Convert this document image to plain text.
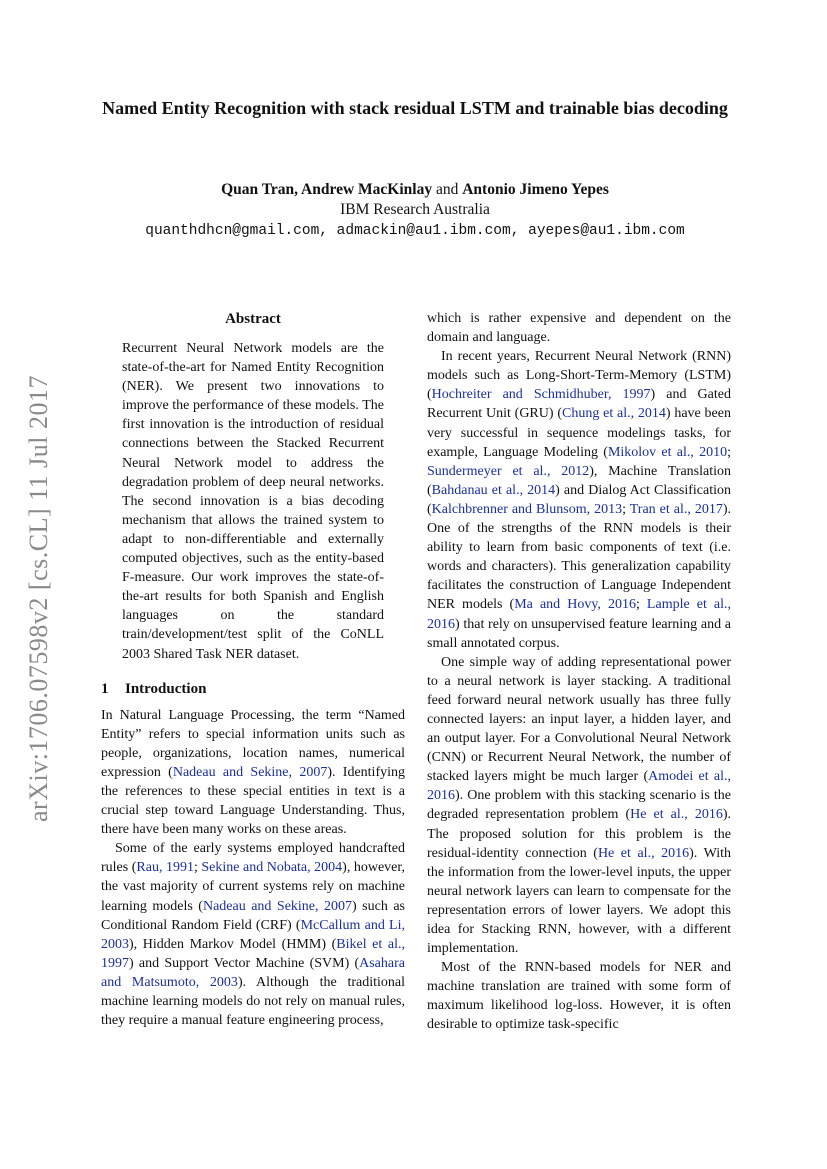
arXiv:1706.07598v2 [cs.CL] 11 Jul 2017
Named Entity Recognition with stack residual LSTM and trainable bias decoding
Quan Tran, Andrew MacKinlay and Antonio Jimeno Yepes
IBM Research Australia
quanthdhcn@gmail.com, admackin@au1.ibm.com, ayepes@au1.ibm.com
Abstract

Recurrent Neural Network models are the state-of-the-art for Named Entity Recognition (NER). We present two innovations to improve the performance of these models. The first innovation is the introduction of residual connections between the Stacked Recurrent Neural Network model to address the degradation problem of deep neural networks. The second innovation is a bias decoding mechanism that allows the trained system to adapt to non-differentiable and externally computed objectives, such as the entity-based F-measure. Our work improves the state-of-the-art results for both Spanish and English languages on the standard train/development/test split of the CoNLL 2003 Shared Task NER dataset.

1 Introduction

In Natural Language Processing, the term “Named Entity” refers to special information units such as people, organizations, location names, numerical expression (Nadeau and Sekine, 2007). Identifying the references to these special entities in text is a crucial step toward Language Understanding. Thus, there have been many works on these areas.

Some of the early systems employed handcrafted rules (Rau, 1991; Sekine and Nobata, 2004), however, the vast majority of current systems rely on machine learning models (Nadeau and Sekine, 2007) such as Conditional Random Field (CRF) (McCallum and Li, 2003), Hidden Markov Model (HMM) (Bikel et al., 1997) and Support Vector Machine (SVM) (Asahara and Matsumoto, 2003). Although the traditional machine learning models do not rely on manual rules, they require a manual feature engineering process,

which is rather expensive and dependent on the domain and language.

In recent years, Recurrent Neural Network (RNN) models such as Long-Short-Term-Memory (LSTM) (Hochreiter and Schmidhuber, 1997) and Gated Recurrent Unit (GRU) (Chung et al., 2014) have been very successful in sequence modelings tasks, for example, Language Modeling (Mikolov et al., 2010; Sundermeyer et al., 2012), Machine Translation (Bahdanau et al., 2014) and Dialog Act Classification (Kalchbrenner and Blunsom, 2013; Tran et al., 2017). One of the strengths of the RNN models is their ability to learn from basic components of text (i.e. words and characters). This generalization capability facilitates the construction of Language Independent NER models (Ma and Hovy, 2016; Lample et al., 2016) that rely on unsupervised feature learning and a small annotated corpus.

One simple way of adding representational power to a neural network is layer stacking. A traditional feed forward neural network usually has three fully connected layers: an input layer, a hidden layer, and an output layer. For a Convolutional Neural Network (CNN) or Recurrent Neural Network, the number of stacked layers might be much larger (Amodei et al., 2016). One problem with this stacking scenario is the degraded representation problem (He et al., 2016). The proposed solution for this problem is the residual-identity connection (He et al., 2016). With the information from the lower-level inputs, the upper neural network layers can learn to compensate for the representation errors of lower layers. We adopt this idea for Stacking RNN, however, with a different implementation.

Most of the RNN-based models for NER and machine translation are trained with some form of maximum likelihood log-loss. However, it is often desirable to optimize task-specific
